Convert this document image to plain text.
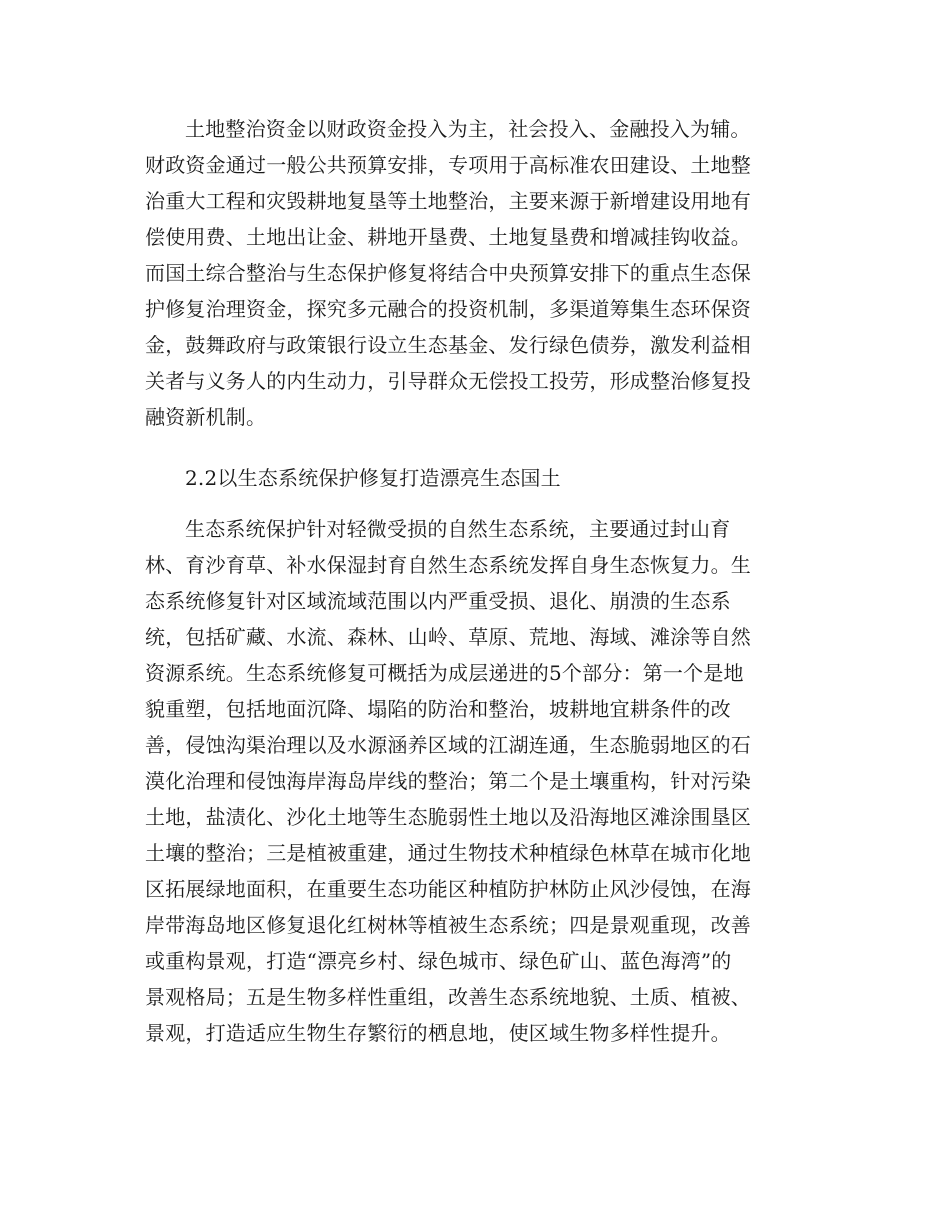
土地整治资金以财政资金投入为主，社会投入、金融投入为辅。
财政资金通过一般公共预算安排，专项用于高标准农田建设、土地整
治重大工程和灾毁耕地复垦等土地整治，主要来源于新增建设用地有
偿使用费、土地出让金、耕地开垦费、土地复垦费和增减挂钩收益。
而国土综合整治与生态保护修复将结合中央预算安排下的重点生态保
护修复治理资金，探究多元融合的投资机制，多渠道筹集生态环保资
金，鼓舞政府与政策银行设立生态基金、发行绿色债券，激发利益相
关者与义务人的内生动力，引导群众无偿投工投劳，形成整治修复投
融资新机制。
2.2以生态系统保护修复打造漂亮生态国土
生态系统保护针对轻微受损的自然生态系统，主要通过封山育
林、育沙育草、补水保湿封育自然生态系统发挥自身生态恢复力。生
态系统修复针对区域流域范围以内严重受损、退化、崩溃的生态系
统，包括矿藏、水流、森林、山岭、草原、荒地、海域、滩涂等自然
资源系统。生态系统修复可概括为成层递进的5个部分：第一个是地
貌重塑，包括地面沉降、塌陷的防治和整治，坡耕地宜耕条件的改
善，侵蚀沟渠治理以及水源涵养区域的江湖连通，生态脆弱地区的石
漠化治理和侵蚀海岸海岛岸线的整治；第二个是土壤重构，针对污染
土地，盐渍化、沙化土地等生态脆弱性土地以及沿海地区滩涂围垦区
土壤的整治；三是植被重建，通过生物技术种植绿色林草在城市化地
区拓展绿地面积，在重要生态功能区种植防护林防止风沙侵蚀，在海
岸带海岛地区修复退化红树林等植被生态系统；四是景观重现，改善
或重构景观，打造“漂亮乡村、绿色城市、绿色矿山、蓝色海湾”的
景观格局；五是生物多样性重组，改善生态系统地貌、土质、植被、
景观，打造适应生物生存繁衍的栖息地，使区域生物多样性提升。
